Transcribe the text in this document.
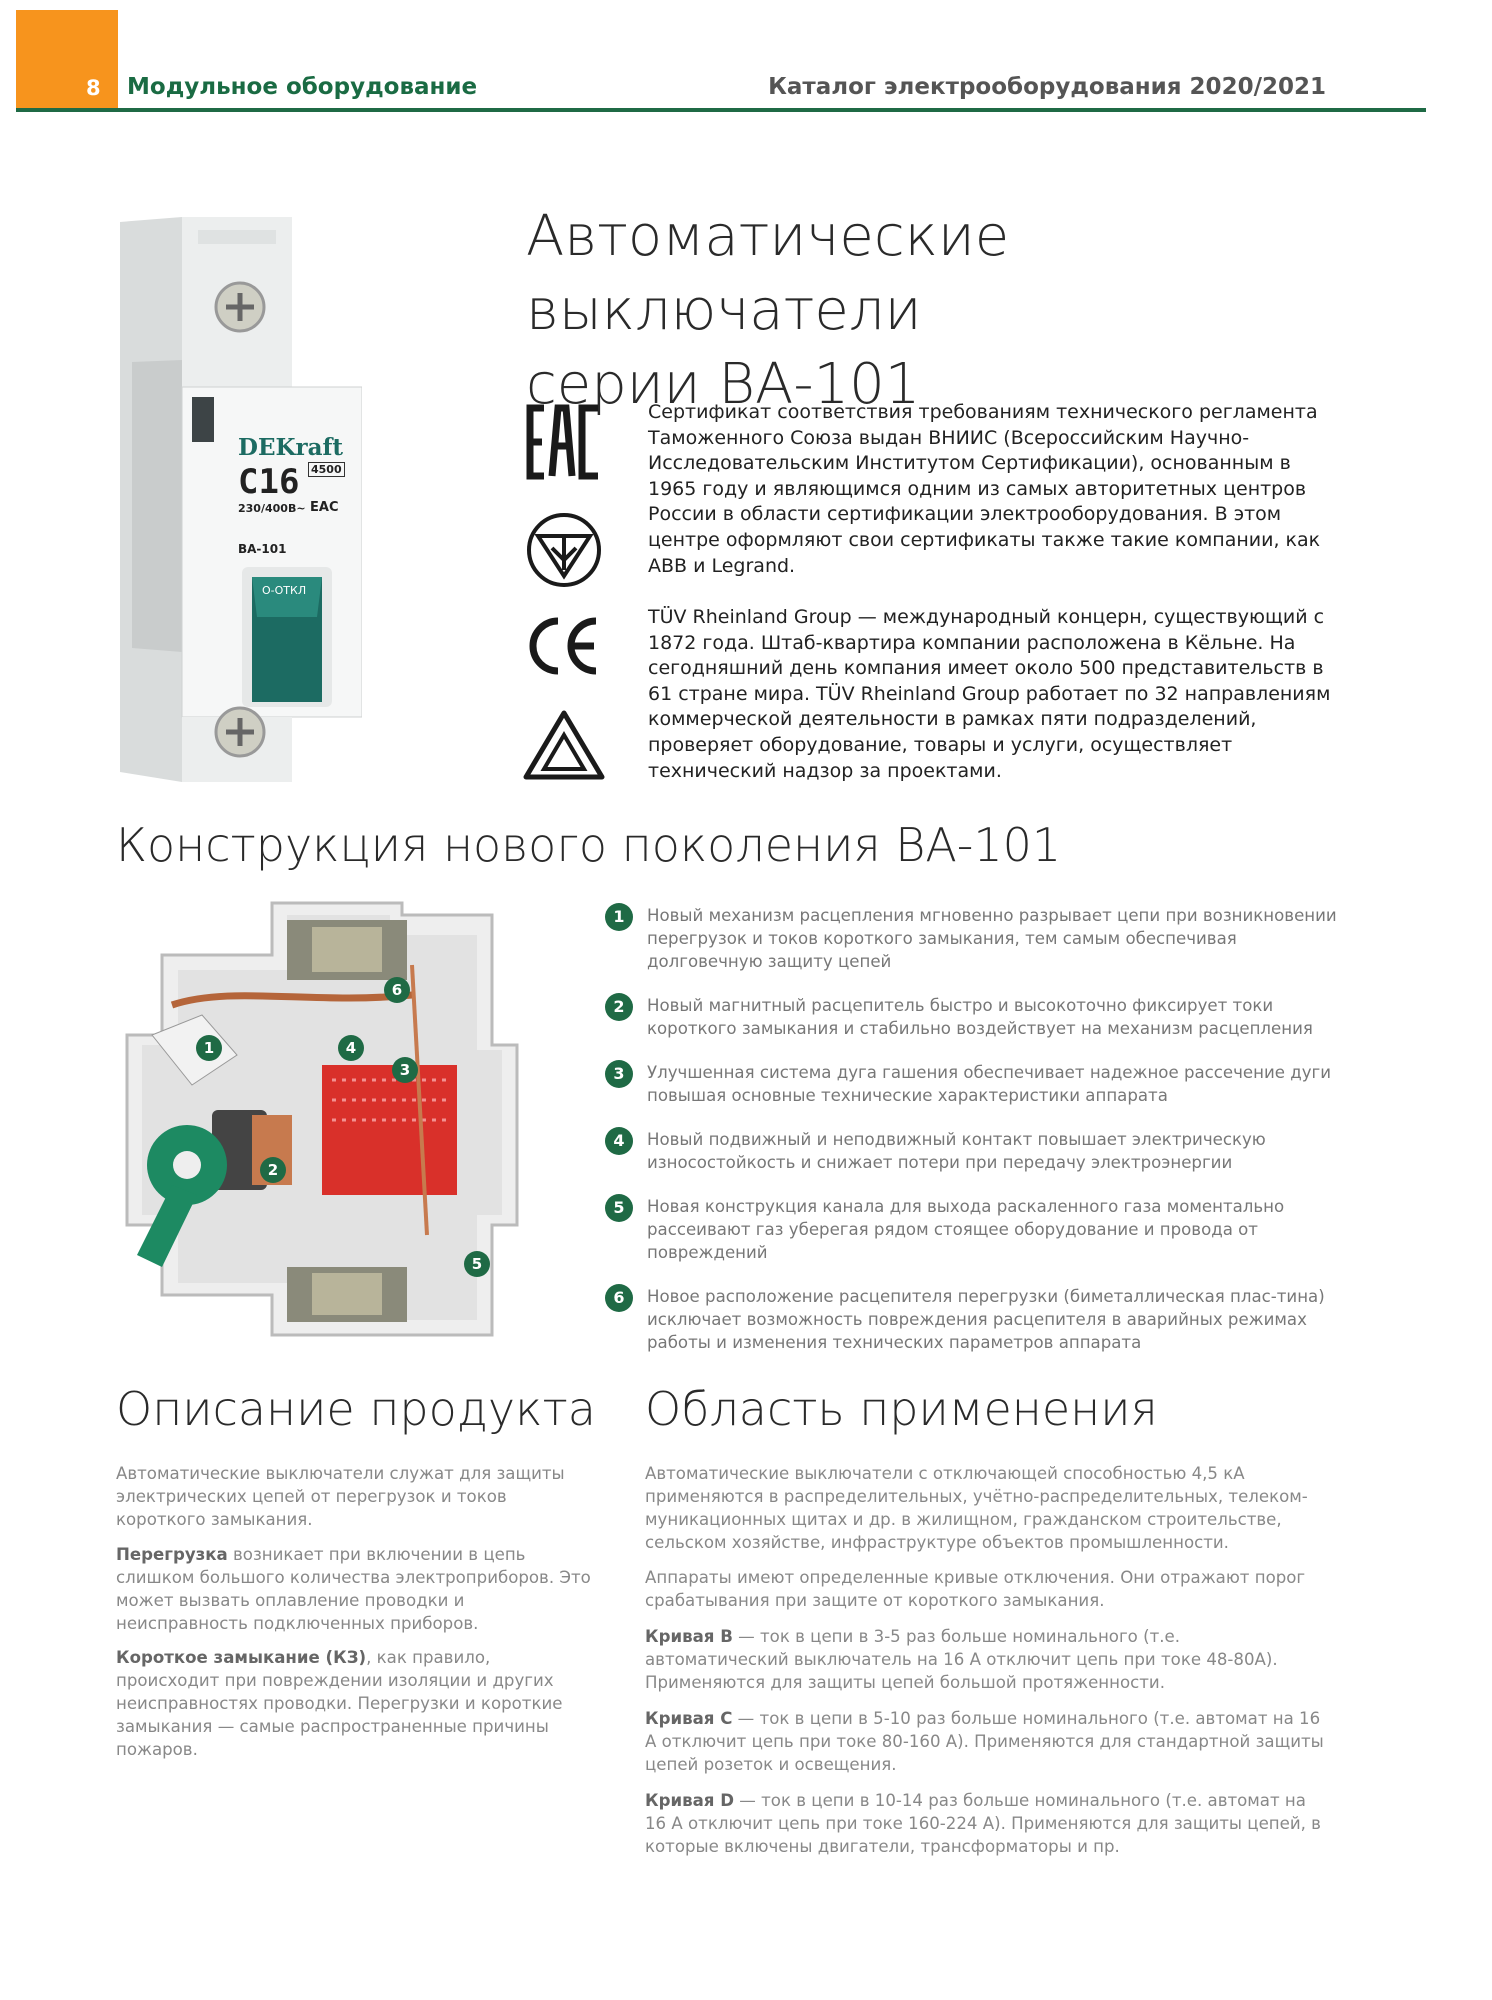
8 Модульное оборудование	Каталог электрооборудования 2020/2021
DEKraft
C16 4500
230/400В~ ЕАС
ВА-101
О-ОТКЛ
Автоматические выключатели
серии ВА-101
Сертификат соответствия требованиям технического регламента Таможенного Союза выдан ВНИИС (Всероссийским Научно-Исследовательским Институтом Сертификации), основанным в 1965 году и являющимся одним из самых авторитетных центров России в области сертификации электрооборудования. В этом центре оформляют свои сертификаты также такие компании, как ABB и Legrand.
TÜV Rheinland Group — международный концерн, существующий с 1872 года. Штаб-квартира компании расположена в Кёльне. На сегодняшний день компания имеет около 500 представительств в 61 стране мира. TÜV Rheinland Group работает по 32 направлениям коммерческой деятельности в рамках пяти подразделений, проверяет оборудование, товары и услуги, осуществляет технический надзор за проектами.
Конструкция нового поколения ВА-101
1
2
3
4
5
6
1	Новый механизм расцепления мгновенно разрывает цепи при возникновении перегрузок и токов короткого замыкания, тем самым обеспечивая долговечную защиту цепей
2	Новый магнитный расцепитель быстро и высокоточно фиксирует токи короткого замыкания и стабильно воздействует на механизм расцепления
3	Улучшенная система дуга гашения обеспечивает надежное рассечение дуги повышая основные технические характеристики аппарата
4	Новый подвижный и неподвижный контакт повышает электрическую износостойкость и снижает потери при передачу электроэнергии
5	Новая конструкция канала для выхода раскаленного газа моментально рассеивают газ уберегая рядом стоящее оборудование и провода от повреждений
6	Новое расположение расцепителя перегрузки (биметаллическая плас-тина) исключает возможность повреждения расцепителя в аварийных режимах работы и изменения технических параметров аппарата
Описание продукта
Автоматические выключатели служат для защиты электрических цепей от перегрузок и токов короткого замыкания.
Перегрузка возникает при включении в цепь слишком большого количества электроприборов. Это может вызвать оплавление проводки и неисправность подключенных приборов.
Короткое замыкание (КЗ), как правило, происходит при повреждении изоляции и других неисправностях проводки. Перегрузки и короткие замыкания — самые распространенные причины пожаров.
Область применения
Автоматические выключатели с отключающей способностью 4,5 кА применяются в распределительных, учётно-распределительных, телеком-муникационных щитах и др. в жилищном, гражданском строительстве, сельском хозяйстве, инфраструктуре объектов промышленности.
Аппараты имеют определенные кривые отключения. Они отражают порог срабатывания при защите от короткого замыкания.
Кривая B — ток в цепи в 3-5 раз больше номинального (т.е. автоматический выключатель на 16 А отключит цепь при токе 48-80А). Применяются для защиты цепей большой протяженности.
Кривая C — ток в цепи в 5-10 раз больше номинального (т.е. автомат на 16 А отключит цепь при токе 80-160 А). Применяются для стандартной защиты цепей розеток и освещения.
Кривая D — ток в цепи в 10-14 раз больше номинального (т.е. автомат на 16 А отключит цепь при токе 160-224 А). Применяются для защиты цепей, в которые включены двигатели, трансформаторы и пр.
